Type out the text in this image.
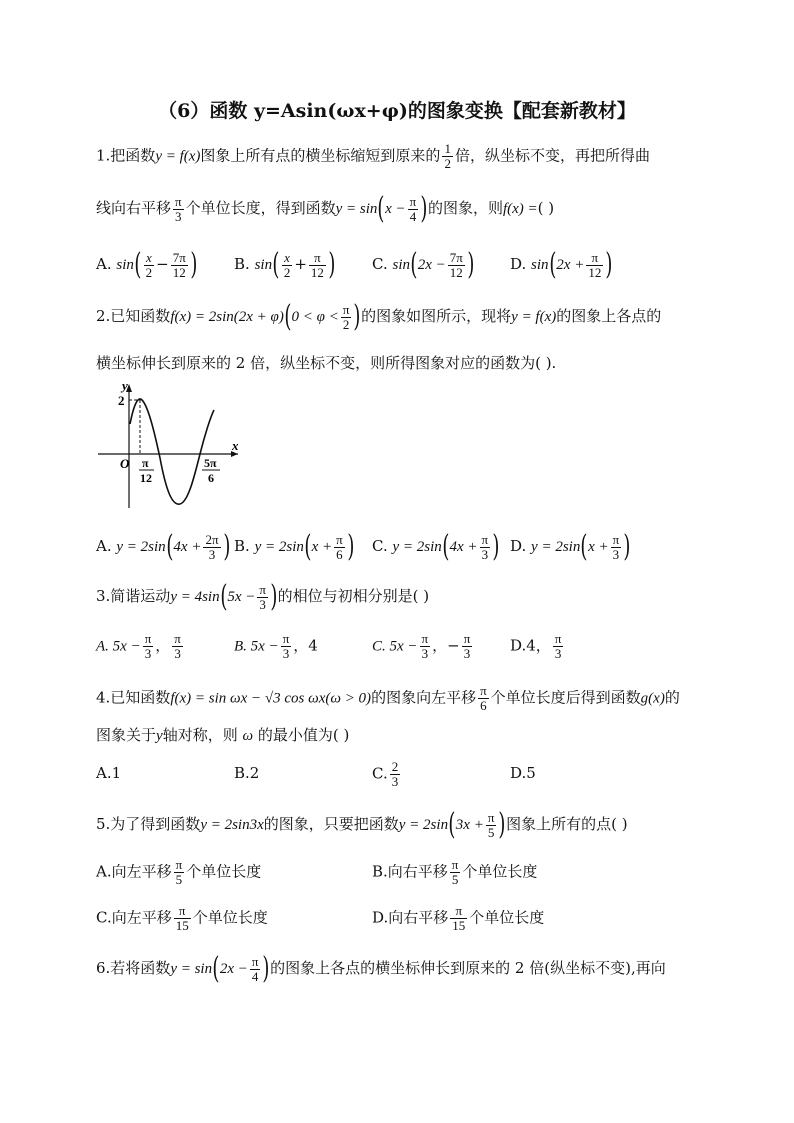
（6）函数 y=Asin(ωx+φ)的图象变换【配套新教材】
1.把函数y = f(x)图象上所有点的横坐标缩短到原来的 $\frac{1}{2}$ 倍，纵坐标不变，再把所得曲
线向右平移 $\frac{\pi}{3}$ 个单位长度，得到函数$y = \sin(x - \frac{\pi}{4}$ )的图象，则f(x) =( )
A. $\sin( \frac{x}{2} - \frac{7\pi}{12}$ ) B. $\sin( \frac{x}{2} + \frac{\pi}{12}$ ) C. $\sin(2x - \frac{7\pi}{12}$ ) D. $\sin(2x + \frac{\pi}{12}$ )
2.已知函数$f(x) = 2\sin(2x + \varphi)(0 < \varphi < \frac{\pi}{2}$ )的图象如图所示，现将y = f(x)的图象上各点的
横坐标伸长到原来的 2 倍，纵坐标不变，则所得图象对应的函数为( ).
y
x
2
O π
12
5π
6
A. $y = 2\sin(4x + \frac{2\pi}{3}$ ) B. $y = 2\sin(x + \frac{\pi}{6}$ ) C. $y = 2\sin(4x + \frac{\pi}{3}$ ) D. $y = 2\sin(x + \frac{\pi}{3}$ )
3.简谐运动$y = 4\sin(5x - \frac{\pi}{3}$ )的相位与初相分别是( )
A. $5x - \frac{\pi}{3}$ ， $\frac{\pi}{3}$	B. $5x - \frac{\pi}{3}$ ，4	C. $5x - \frac{\pi}{3}$ ，− $\frac{\pi}{3}$	D.4， $\frac{\pi}{3}$
4.已知函数f(x) = sin ωx − √3 cos ωx(ω > 0)的图象向左平移 $\frac{\pi}{6}$ 个单位长度后得到函数g(x)的
图象关于y轴对称，则 ω 的最小值为( )
A.1	B.2	C. $\frac{2}{3}$	D.5
5.为了得到函数y = 2sin3x的图象，只要把函数$y = 2\sin(3x + \frac{\pi}{5}$ )图象上所有的点( )
A.向左平移 $\frac{\pi}{5}$ 个单位长度	B.向右平移 $\frac{\pi}{5}$ 个单位长度
C.向左平移 $\frac{\pi}{15}$ 个单位长度	D.向右平移 $\frac{\pi}{15}$ 个单位长度
6.若将函数$y = \sin(2x - \frac{\pi}{4}$ )的图象上各点的横坐标伸长到原来的 2 倍(纵坐标不变),再向
